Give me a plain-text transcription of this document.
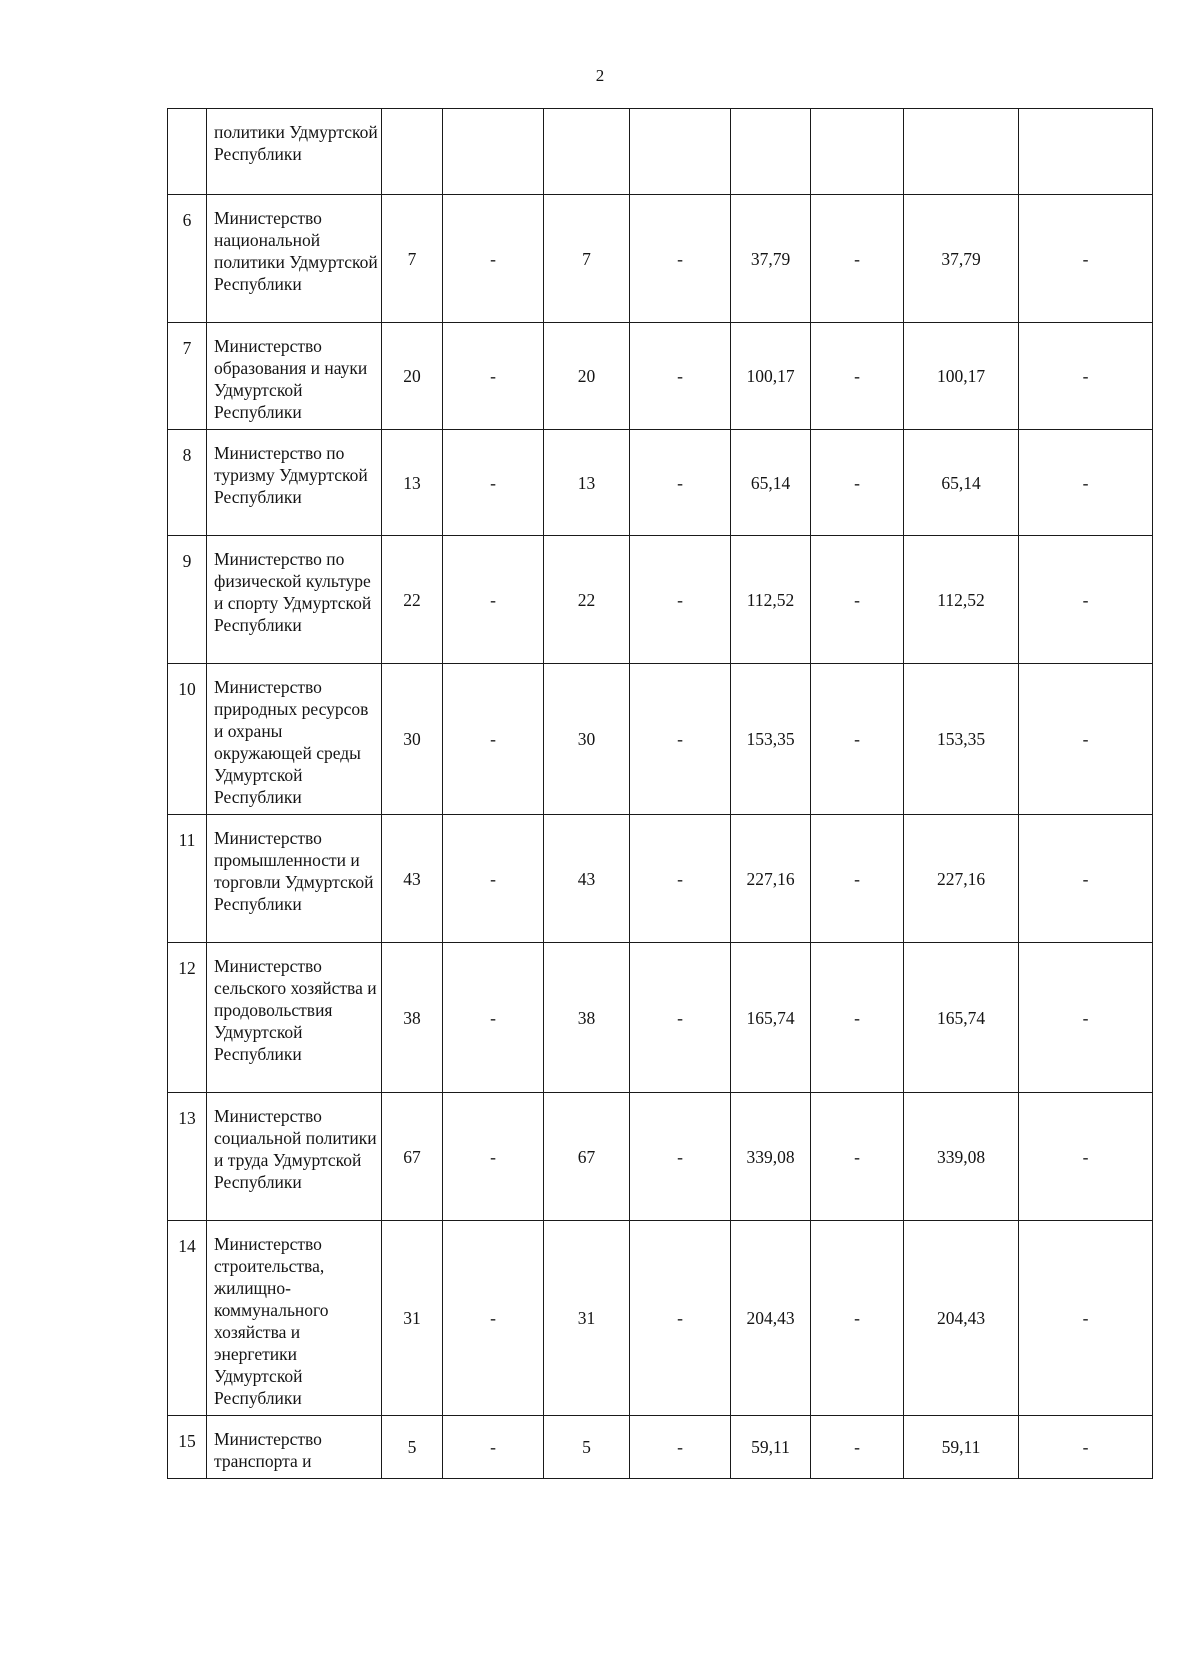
2
	политики Удмуртской Республики								
6	Министерство национальной политики Удмуртской Республики	7	-	7	-	37,79	-	37,79	-
7	Министерство образования и науки Удмуртской Республики	20	-	20	-	100,17	-	100,17	-
8	Министерство по туризму Удмуртской Республики	13	-	13	-	65,14	-	65,14	-
9	Министерство по физической культуре и спорту Удмуртской Республики	22	-	22	-	112,52	-	112,52	-
10	Министерство природных ресурсов и охраны окружающей среды Удмуртской Республики	30	-	30	-	153,35	-	153,35	-
11	Министерство промышленности и торговли Удмуртской Республики	43	-	43	-	227,16	-	227,16	-
12	Министерство сельского хозяйства и продовольствия Удмуртской Республики	38	-	38	-	165,74	-	165,74	-
13	Министерство социальной политики и труда Удмуртской Республики	67	-	67	-	339,08	-	339,08	-
14	Министерство строительства, жилищно-коммунального хозяйства и энергетики Удмуртской Республики	31	-	31	-	204,43	-	204,43	-
15	Министерство транспорта и	5	-	5	-	59,11	-	59,11	-
